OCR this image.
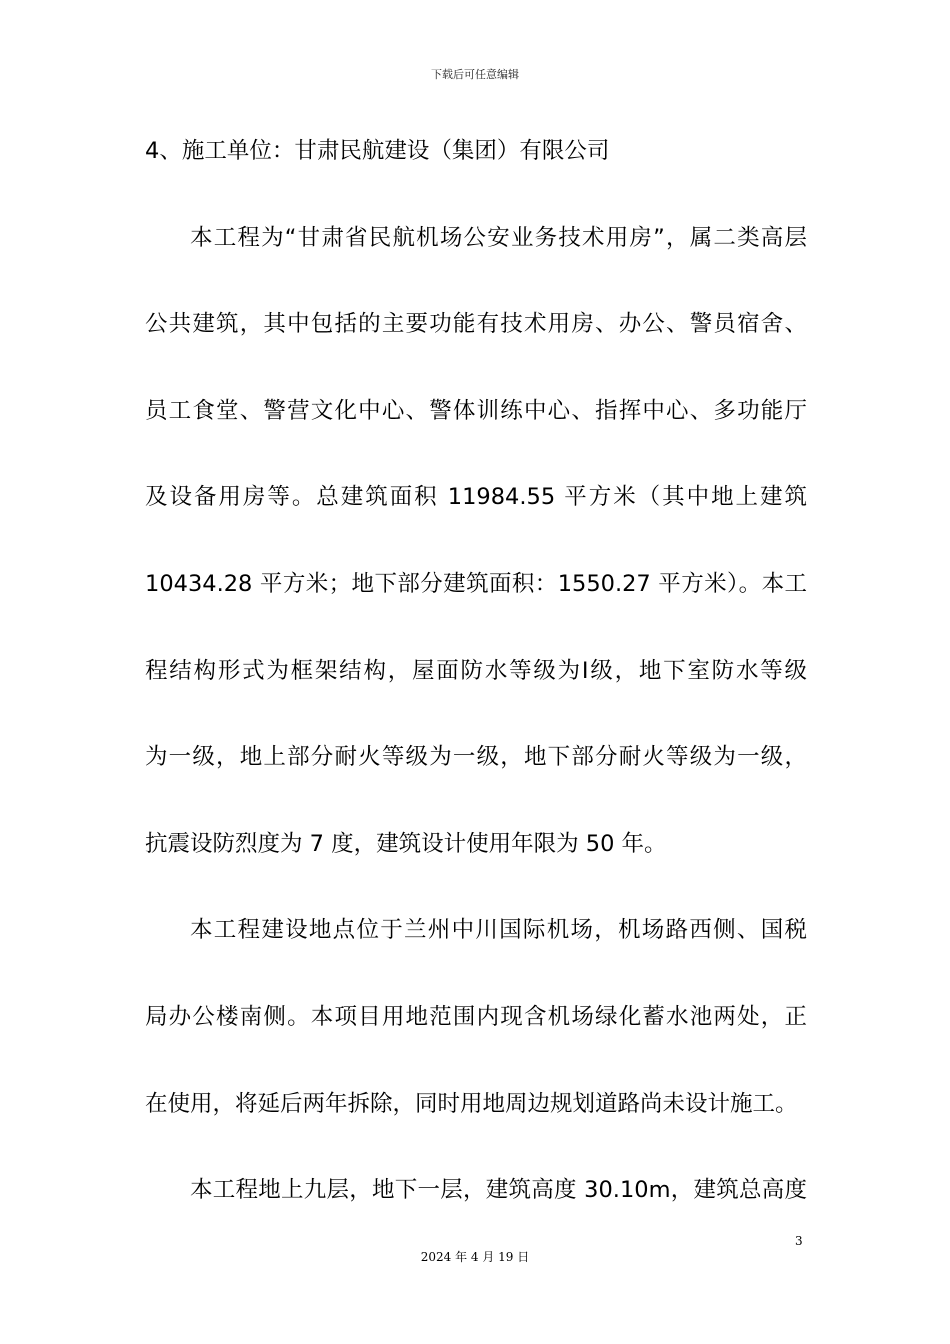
下载后可任意编辑
4、施工单位：甘肃民航建设（集团）有限公司
本工程为“甘肃省民航机场公安业务技术用房”，属二类高层
公共建筑，其中包括的主要功能有技术用房、办公、警员宿舍、
员工食堂、警营文化中心、警体训练中心、指挥中心、多功能厅
及设备用房等。总建筑面积 11984.55 平方米（其中地上建筑
10434.28 平方米；地下部分建筑面积：1550.27 平方米）。本工
程结构形式为框架结构，屋面防水等级为Ⅰ级，地下室防水等级
为一级，地上部分耐火等级为一级，地下部分耐火等级为一级，
抗震设防烈度为 7 度，建筑设计使用年限为 50 年。
本工程建设地点位于兰州中川国际机场，机场路西侧、国税
局办公楼南侧。本项目用地范围内现含机场绿化蓄水池两处，正
在使用，将延后两年拆除，同时用地周边规划道路尚未设计施工。
本工程地上九层，地下一层，建筑高度 30.10m，建筑总高度
3
2024 年 4 月 19 日
